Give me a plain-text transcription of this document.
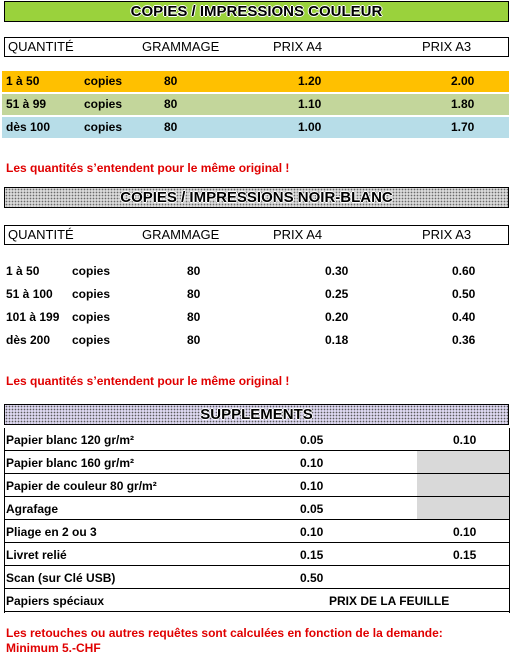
COPIES / IMPRESSIONS COULEUR
QUANTITÉ	GRAMMAGE	PRIX A4	PRIX A3
1 à 50	copies	80	1.20	2.00
51 à 99	copies	80	1.10	1.80
dès 100	copies	80	1.00	1.70
Les quantités s’entendent pour le même original !
COPIES / IMPRESSIONS NOIR-BLANC
QUANTITÉ	GRAMMAGE	PRIX A4	PRIX A3
1 à 50	copies	80	0.30	0.60
51 à 100 copies	80	0.25	0.50
101 à 199 copies	80	0.20	0.40
dès 200 copies	80	0.18	0.36
Les quantités s’entendent pour le même original !
SUPPLEMENTS
Papier blanc 120 gr/m²	0.05	0.10
Papier blanc 160 gr/m²	0.10
Papier de couleur 80 gr/m²	0.10
Agrafage	0.05
Pliage en 2 ou 3	0.10	0.10
Livret relié	0.15	0.15
Scan (sur Clé USB)	0.50
Papiers spéciaux	PRIX DE LA FEUILLE
Les retouches ou autres requêtes sont calculées en fonction de la demande:
Minimum 5.-CHF
